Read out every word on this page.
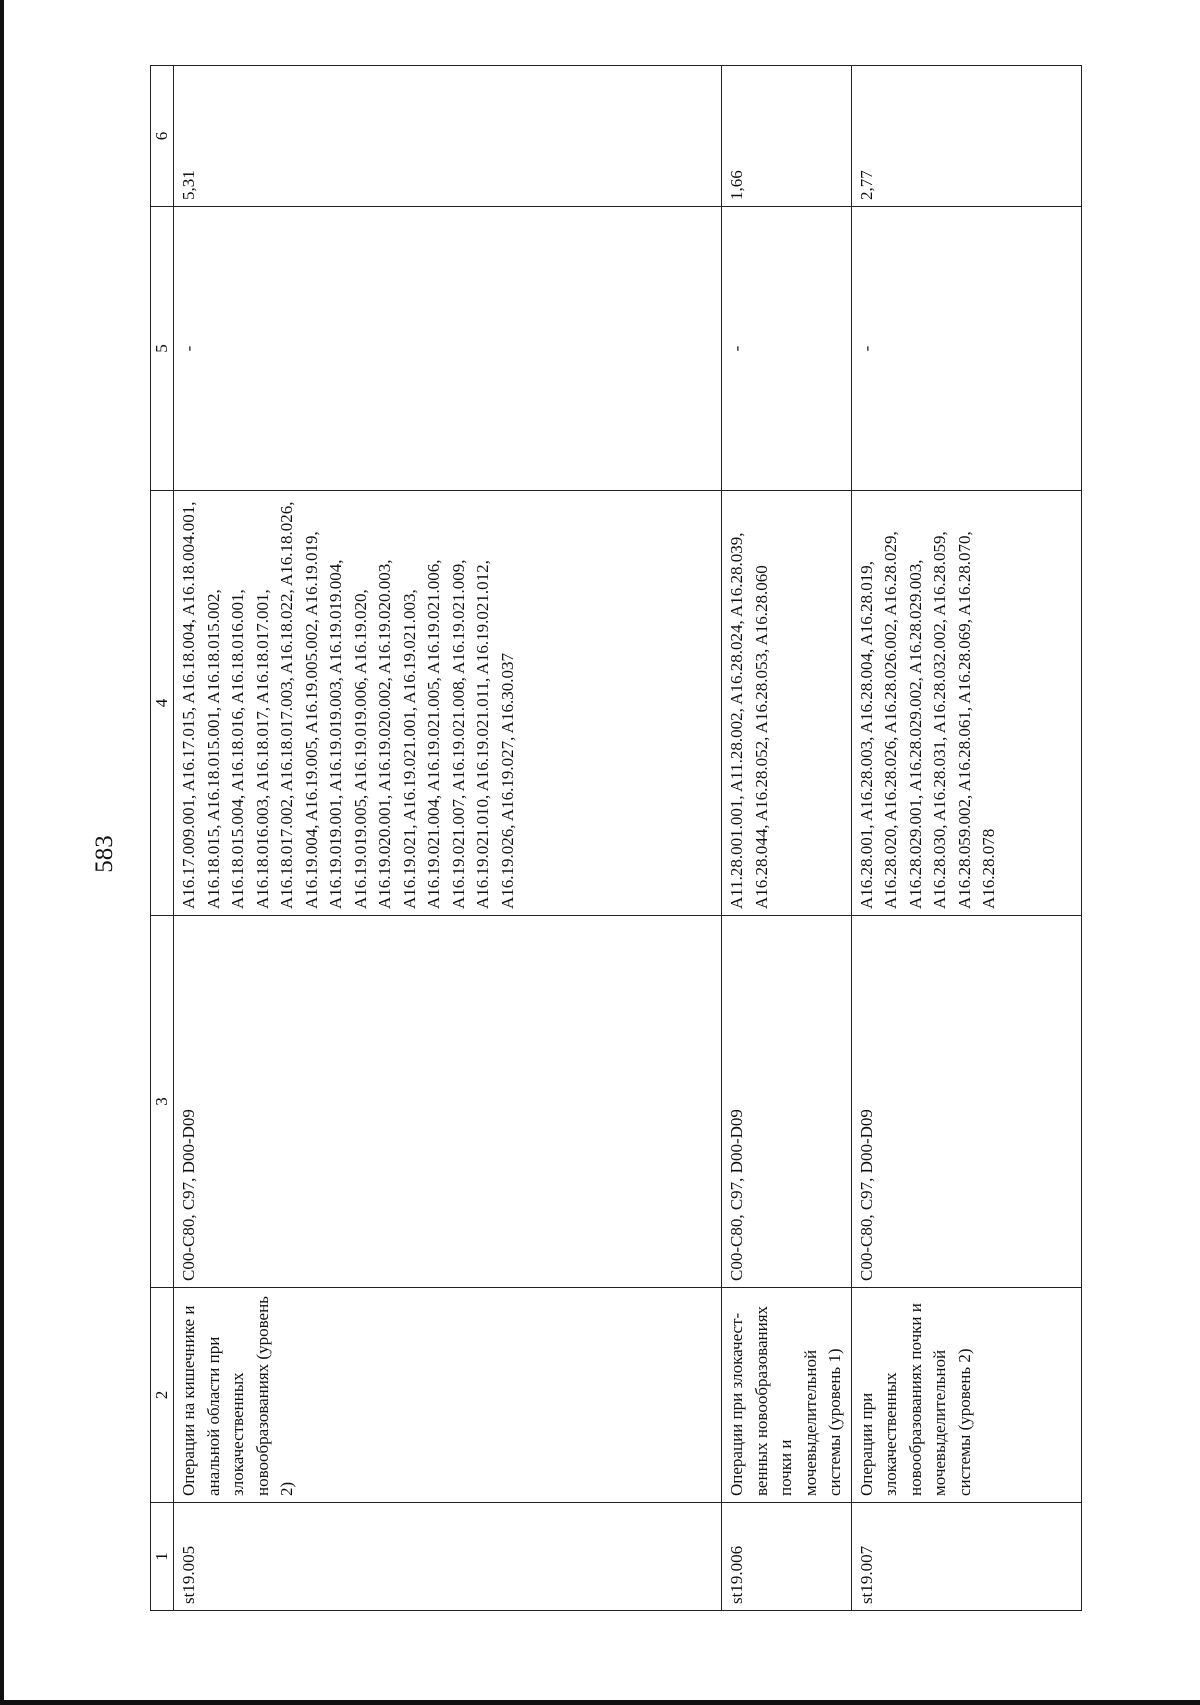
583
1	2	3	4	5	6
st19.005	Операции на кишечнике и анальной области при злокачественных новообразованиях (уровень 2)	C00-C80, C97, D00-D09	A16.17.009.001, A16.17.015, A16.18.004, A16.18.004.001, A16.18.015, A16.18.015.001, A16.18.015.002, A16.18.015.004, A16.18.016, A16.18.016.001, A16.18.016.003, A16.18.017, A16.18.017.001, A16.18.017.002, A16.18.017.003, A16.18.022, A16.18.026, A16.19.004, A16.19.005, A16.19.005.002, A16.19.019, A16.19.019.001, A16.19.019.003, A16.19.019.004, A16.19.019.005, A16.19.019.006, A16.19.020, A16.19.020.001, A16.19.020.002, A16.19.020.003, A16.19.021, A16.19.021.001, A16.19.021.003, A16.19.021.004, A16.19.021.005, A16.19.021.006, A16.19.021.007, A16.19.021.008, A16.19.021.009, A16.19.021.010, A16.19.021.011, A16.19.021.012, A16.19.026, A16.19.027, A16.30.037	-	5,31
st19.006	Операции при злокачест-венных новообразованиях почки и мочевыделительной системы (уровень 1)	C00-C80, C97, D00-D09	A11.28.001.001, A11.28.002, A16.28.024, A16.28.039, A16.28.044, A16.28.052, A16.28.053, A16.28.060	-	1,66
st19.007	Операции при злокачественных новообразованиях почки и мочевыделительной системы (уровень 2)	C00-C80, C97, D00-D09	A16.28.001, A16.28.003, A16.28.004, A16.28.019, A16.28.020, A16.28.026, A16.28.026.002, A16.28.029, A16.28.029.001, A16.28.029.002, A16.28.029.003, A16.28.030, A16.28.031, A16.28.032.002, A16.28.059, A16.28.059.002, A16.28.061, A16.28.069, A16.28.070, A16.28.078	-	2,77
